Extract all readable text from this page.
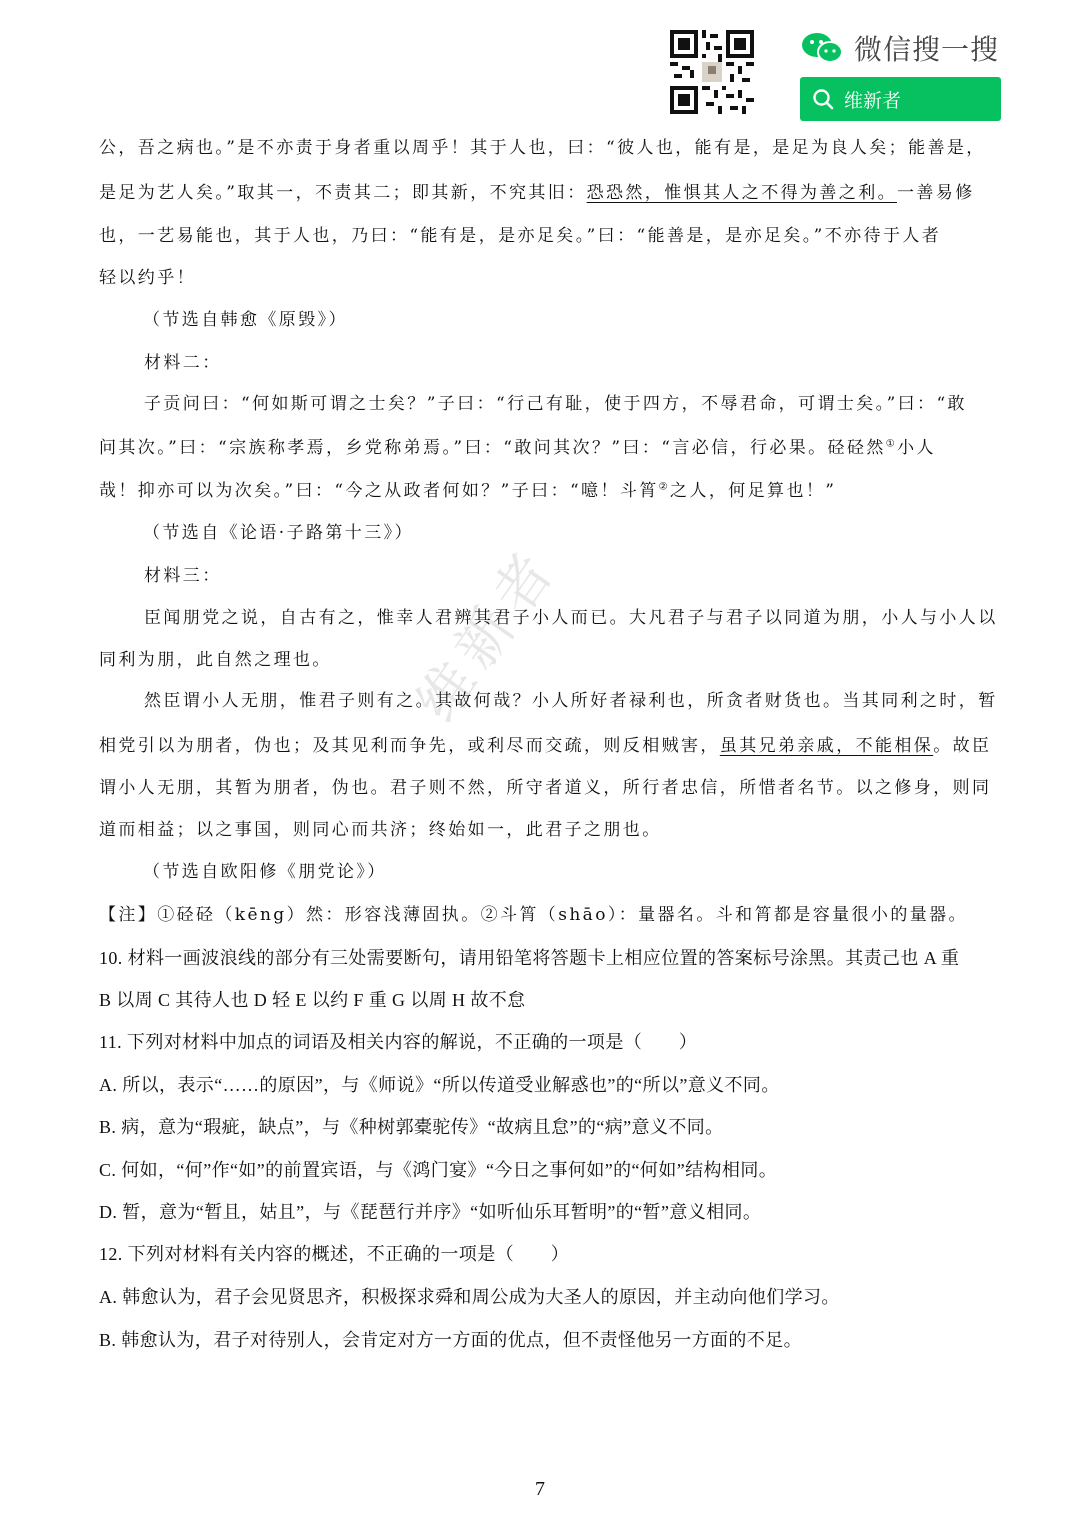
微信搜一搜
维新者
维新者
公，吾之病也。”是不亦责于身者重以周乎！其于人也，曰：“彼人也，能有是，是足为良人矣；能善是，
是足为艺人矣。”取其一，不责其二；即其新，不究其旧：恐恐然，惟惧其人之不得为善之利。一善易修
也，一艺易能也，其于人也，乃曰：“能有是，是亦足矣。”曰：“能善是，是亦足矣。”不亦待于人者
轻以约乎！
（节选自韩愈《原毁》）
材料二：
子贡问曰：“何如斯可谓之士矣？”子曰：“行己有耻，使于四方，不辱君命，可谓士矣。”曰：“敢
问其次。”曰：“宗族称孝焉，乡党称弟焉。”曰：“敢问其次？”曰：“言必信，行必果。硁硁然①小人
哉！抑亦可以为次矣。”曰：“今之从政者何如？”子曰：“噫！斗筲②之人，何足算也！”
（节选自《论语·子路第十三》）
材料三：
臣闻朋党之说，自古有之，惟幸人君辨其君子小人而已。大凡君子与君子以同道为朋，小人与小人以
同利为朋，此自然之理也。
然臣谓小人无朋，惟君子则有之。其故何哉？小人所好者禄利也，所贪者财货也。当其同利之时，暂
相党引以为朋者，伪也；及其见利而争先，或利尽而交疏，则反相贼害，虽其兄弟亲戚，不能相保。故臣
谓小人无朋，其暂为朋者，伪也。君子则不然，所守者道义，所行者忠信，所惜者名节。以之修身，则同
道而相益；以之事国，则同心而共济；终始如一，此君子之朋也。
（节选自欧阳修《朋党论》）
【注】①硁硁（kēng）然：形容浅薄固执。②斗筲（shāo）：量器名。斗和筲都是容量很小的量器。
10. 材料一画波浪线的部分有三处需要断句，请用铅笔将答题卡上相应位置的答案标号涂黑。其责己也 A 重
B 以周 C 其待人也 D 轻 E 以约 F 重 G 以周 H 故不怠
11. 下列对材料中加点的词语及相关内容的解说，不正确的一项是（　　）
A. 所以，表示“……的原因”，与《师说》“所以传道受业解惑也”的“所以”意义不同。
B. 病，意为“瑕疵，缺点”，与《种树郭橐驼传》“故病且怠”的“病”意义不同。
C. 何如，“何”作“如”的前置宾语，与《鸿门宴》“今日之事何如”的“何如”结构相同。
D. 暂，意为“暂且，姑且”，与《琵琶行并序》“如听仙乐耳暂明”的“暂”意义相同。
12. 下列对材料有关内容的概述，不正确的一项是（　　）
A. 韩愈认为，君子会见贤思齐，积极探求舜和周公成为大圣人的原因，并主动向他们学习。
B. 韩愈认为，君子对待别人，会肯定对方一方面的优点，但不责怪他另一方面的不足。
7
